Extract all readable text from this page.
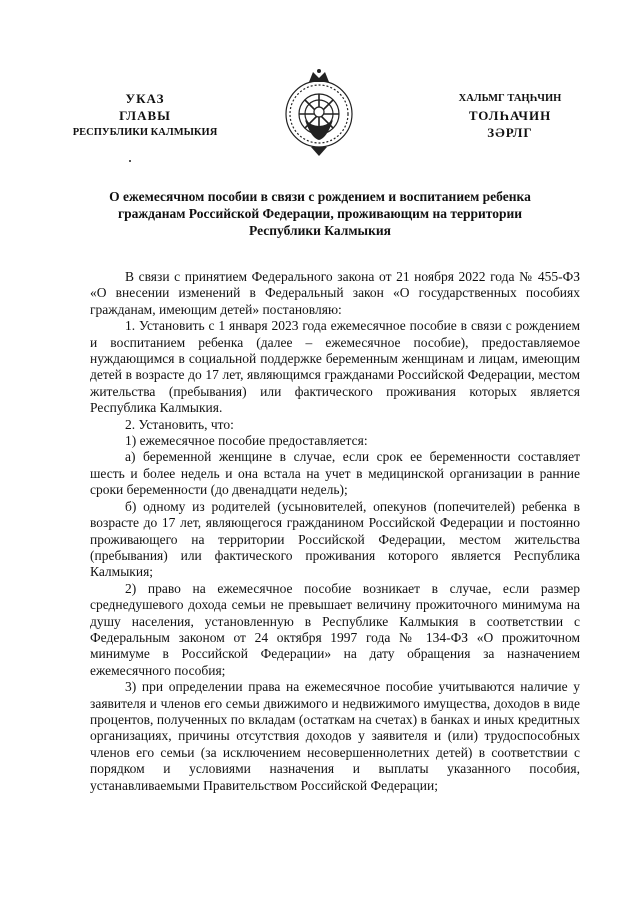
УКАЗ
ГЛАВЫ
РЕСПУБЛИКИ КАЛМЫКИЯ
ХАЛЬМГ ТАҢҺЧИН
ТОЛҺАЧИН
ЗӘРЛГ
О ежемесячном пособии в связи с рождением и воспитанием ребенка
гражданам Российской Федерации, проживающим на территории
Республики Калмыкия

В связи с принятием Федерального закона от 21 ноября 2022 года № 455-ФЗ «О внесении изменений в Федеральный закон «О государственных пособиях гражданам, имеющим детей» постановляю:

1. Установить с 1 января 2023 года ежемесячное пособие в связи с рождением и воспитанием ребенка (далее – ежемесячное пособие), предоставляемое нуждающимся в социальной поддержке беременным женщинам и лицам, имеющим детей в возрасте до 17 лет, являющимся гражданами Российской Федерации, местом жительства (пребывания) или фактического проживания которых является Республика Калмыкия.

2. Установить, что:

1) ежемесячное пособие предоставляется:

а) беременной женщине в случае, если срок ее беременности составляет шесть и более недель и она встала на учет в медицинской организации в ранние сроки беременности (до двенадцати недель);

б) одному из родителей (усыновителей, опекунов (попечителей) ребенка в возрасте до 17 лет, являющегося гражданином Российской Федерации и постоянно проживающего на территории Российской Федерации, местом жительства (пребывания) или фактического проживания которого является Республика Калмыкия;

2) право на ежемесячное пособие возникает в случае, если размер среднедушевого дохода семьи не превышает величину прожиточного минимума на душу населения, установленную в Республике Калмыкия в соответствии с Федеральным законом от 24 октября 1997 года № 134-ФЗ «О прожиточном минимуме в Российской Федерации» на дату обращения за назначением ежемесячного пособия;

3) при определении права на ежемесячное пособие учитываются наличие у заявителя и членов его семьи движимого и недвижимого имущества, доходов в виде процентов, полученных по вкладам (остаткам на счетах) в банках и иных кредитных организациях, причины отсутствия доходов у заявителя и (или) трудоспособных членов его семьи (за исключением несовершеннолетних детей) в соответствии с порядком и условиями назначения и выплаты указанного пособия, устанавливаемыми Правительством Российской Федерации;
